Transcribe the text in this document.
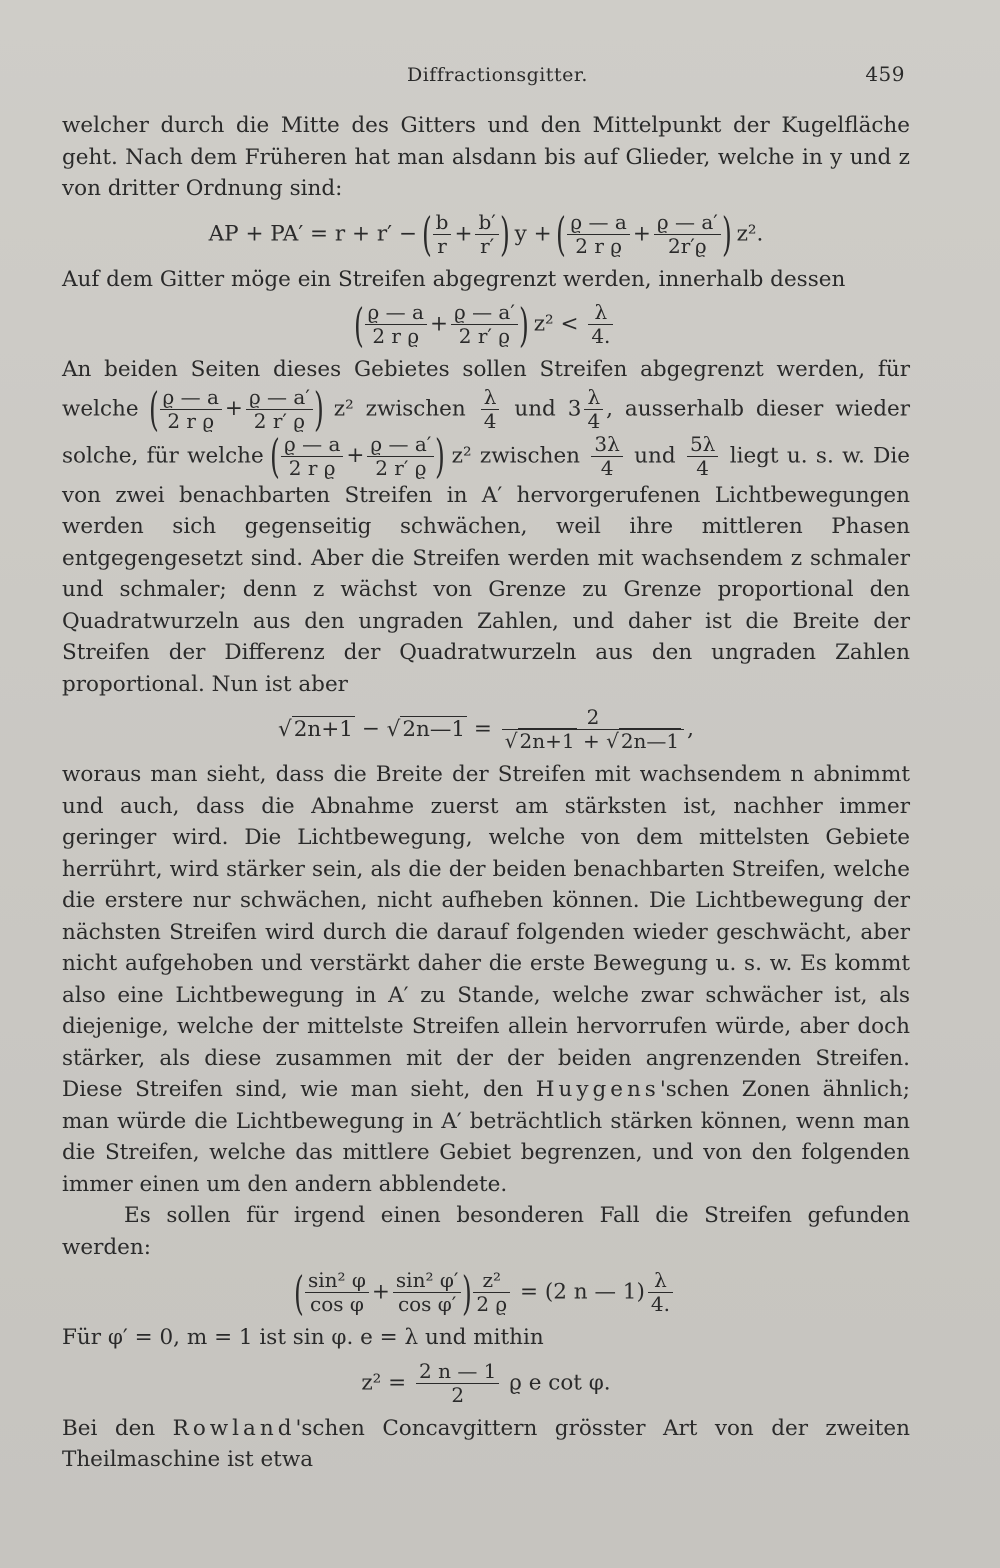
Diffractionsgitter.	459

welcher durch die Mitte des Gitters und den Mittelpunkt der Kugelfläche geht. Nach dem Früheren hat man alsdann bis auf Glieder, welche in y und z von dritter Ordnung sind:

AP + PA′ = r + r′ − ( $\frac{b}{r} + \frac{b'}{r'}$ ) y + ( $\frac{ϱ — a}{\text{2 r ϱ}} + \frac{ϱ — a'}{2r'ϱ}$ ) z².

Auf dem Gitter möge ein Streifen abgegrenzt werden, innerhalb dessen

( $\frac{ϱ — a}{\text{2 r ϱ}} + \frac{ϱ — a'}{2 r' ϱ}$ ) $z^2 < \frac{\lambda}{4.}$

An beiden Seiten dieses Gebietes sollen Streifen abgegrenzt werden, für welche ( $\frac{ϱ — a}{\text{2 r ϱ}} + \frac{ϱ — a'}{2 r' ϱ}$ ) z² zwischen $\frac{\lambda}{4}$ und $3 \frac{\lambda}{4}$ , ausserhalb dieser wieder solche, für welche ( $\frac{ϱ — a}{\text{2 r ϱ}} + \frac{ϱ — a'}{2 r' ϱ}$ ) z² zwischen $\frac{3\lambda}{4}$ und $\frac{5\lambda}{4}$ liegt u. s. w. Die von zwei benachbarten Streifen in A′ hervorgerufenen Lichtbewegungen werden sich gegenseitig schwächen, weil ihre mittleren Phasen entgegengesetzt sind. Aber die Streifen werden mit wachsendem z schmaler und schmaler; denn z wächst von Grenze zu Grenze proportional den Quadratwurzeln aus den ungraden Zahlen, und daher ist die Breite der Streifen der Differenz der Quadratwurzeln aus den ungraden Zahlen proportional. Nun ist aber

√2n+1 − √2n—1 = $\frac{2}{√ 2n+1 + √ 2n—1}$ ,

woraus man sieht, dass die Breite der Streifen mit wachsendem n abnimmt und auch, dass die Abnahme zuerst am stärksten ist, nachher immer geringer wird. Die Lichtbewegung, welche von dem mittelsten Gebiete herrührt, wird stärker sein, als die der beiden benachbarten Streifen, welche die erstere nur schwächen, nicht aufheben können. Die Lichtbewegung der nächsten Streifen wird durch die darauf folgenden wieder geschwächt, aber nicht aufgehoben und verstärkt daher die erste Bewegung u. s. w. Es kommt also eine Lichtbewegung in A′ zu Stande, welche zwar schwächer ist, als diejenige, welche der mittelste Streifen allein hervorrufen würde, aber doch stärker, als diese zusammen mit der der beiden angrenzenden Streifen. Diese Streifen sind, wie man sieht, den Huygens'schen Zonen ähnlich; man würde die Lichtbewegung in A′ beträchtlich stärken können, wenn man die Streifen, welche das mittlere Gebiet begrenzen, und von den folgenden immer einen um den andern abblendete.

Es sollen für irgend einen besonderen Fall die Streifen gefunden werden:

( $\frac{\text{sin² φ}}{\text{cos φ}} + \frac{\text{sin² φ′}}{\text{cos φ′}}$ ) $\frac{\text{z²}}{2 ϱ} = (2$ n — $1) \frac{\lambda}{4.}$

Für φ′ = 0, m = 1 ist sin φ. e = λ und mithin

$z^2 = \frac{2 n — 1}{2}$ ϱ e cot φ.

Bei den Rowland'schen Concavgittern grösster Art von der zweiten Theilmaschine ist etwa
